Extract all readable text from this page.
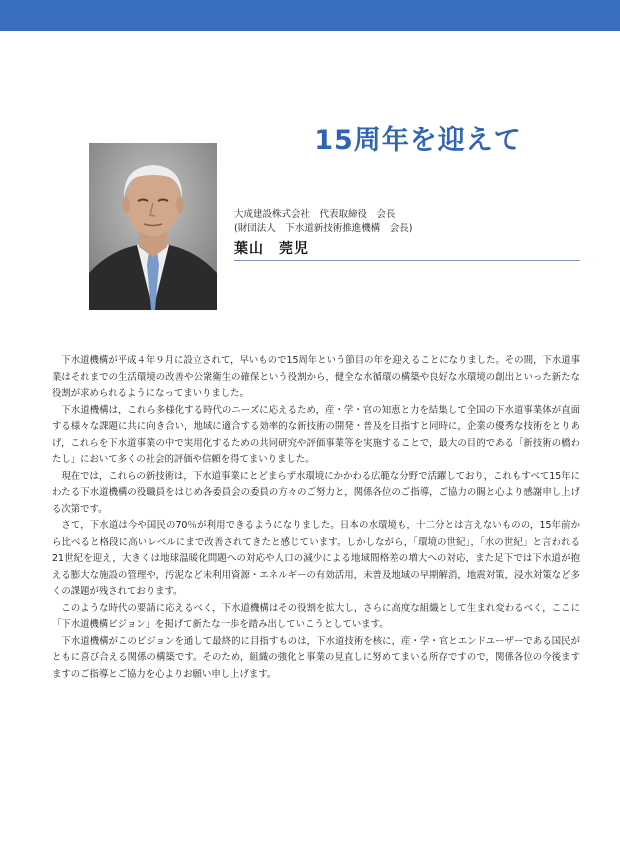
15周年を迎えて
大成建設株式会社　代表取締役　会長
(財団法人　下水道新技術推進機構　会長)
葉山　莞児

下水道機構が平成４年９月に設立されて，早いもので15周年という節目の年を迎えることになりました。その間，下水道事業はそれまでの生活環境の改善や公衆衛生の確保という役割から，健全な水循環の構築や良好な水環境の創出といった新たな役割が求められるようになってまいりました。

下水道機構は，これら多様化する時代のニーズに応えるため，産・学・官の知恵と力を結集して全国の下水道事業体が直面する様々な課題に共に向き合い，地域に適合する効率的な新技術の開発・普及を目指すと同時に，企業の優秀な技術をとりあげ，これらを下水道事業の中で実用化するための共同研究や評価事業等を実施することで，最大の目的である「新技術の橋わたし」において多くの社会的評価や信頼を得てまいりました。

現在では，これらの新技術は，下水道事業にとどまらず水環境にかかわる広範な分野で活躍しており，これもすべて15年にわたる下水道機構の役職員をはじめ各委員会の委員の方々のご努力と，関係各位のご指導，ご協力の賜と心より感謝申し上げる次第です。

さて，下水道は今や国民の70％が利用できるようになりました。日本の水環境も，十二分とは言えないものの，15年前から比べると格段に高いレベルにまで改善されてきたと感じています。しかしながら，「環境の世紀」，「水の世紀」と言われる21世紀を迎え，大きくは地球温暖化問題への対応や人口の減少による地域間格差の増大への対応，また足下では下水道が抱える膨大な施設の管理や，汚泥など未利用資源・エネルギーの有効活用，未普及地域の早期解消，地震対策，浸水対策など多くの課題が残されております。

このような時代の要請に応えるべく，下水道機構はその役割を拡大し，さらに高度な組織として生まれ変わるべく，ここに「下水道機構ビジョン」を掲げて新たな一歩を踏み出していこうとしています。

下水道機構がこのビジョンを通して最終的に目指すものは，下水道技術を核に，産・学・官とエンドユーザーである国民がともに喜び合える関係の構築です。そのため，組織の強化と事業の見直しに努めてまいる所存ですので，関係各位の今後ますますのご指導とご協力を心よりお願い申し上げます。
